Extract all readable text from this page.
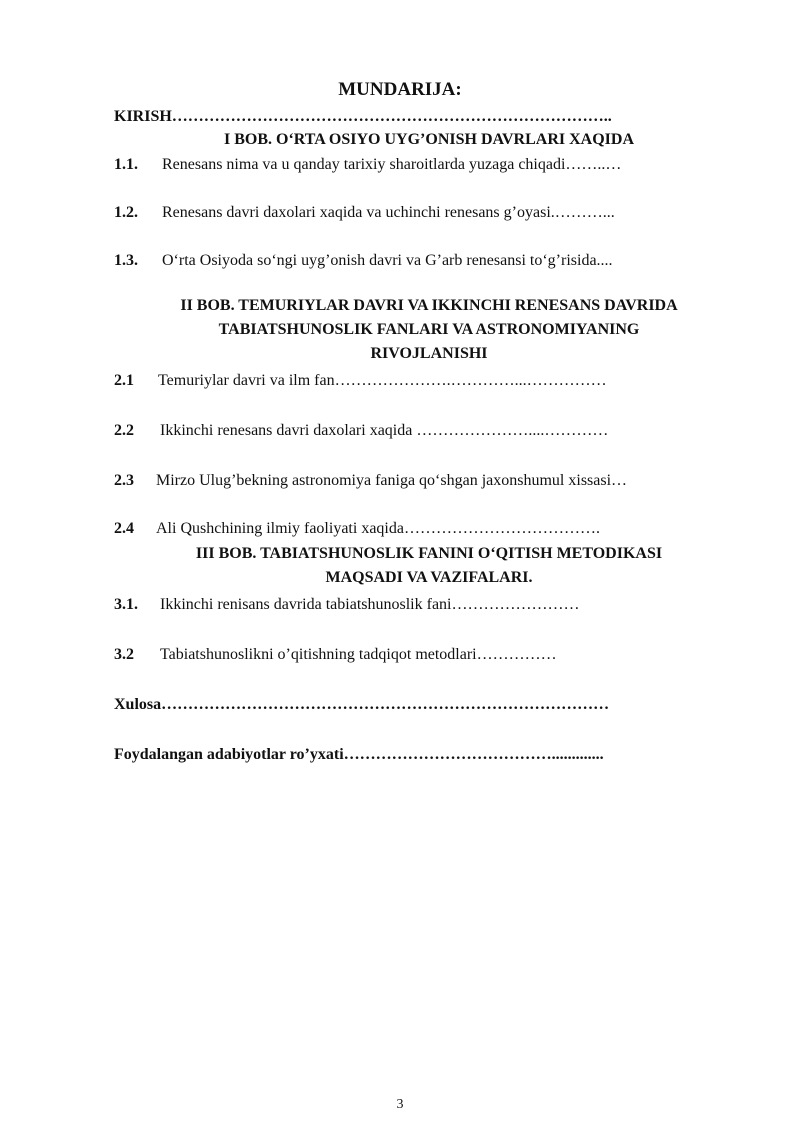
MUNDARIJA:
KIRISH………………………………………………………………………..
I BOB. O‘RTA OSIYO UYG’ONISH DAVRLARI XAQIDA
1.1. Renesans nima va u qanday tarixiy sharoitlarda yuzaga chiqadi……..…
1.2. Renesans davri daxolari xaqida va uchinchi renesans g’oyasi.………...
1.3. O‘rta Osiyoda so‘ngi uyg’onish davri va G’arb renesansi to‘g’risida....
II BOB. TEMURIYLAR DAVRI VA IKKINCHI RENESANS DAVRIDA
TABIATSHUNOSLIK FANLARI VA ASTRONOMIYANING
RIVOJLANISHI
2.1 Temuriylar davri va ilm fan………………….…………...……………
2.2 Ikkinchi renesans davri daxolari xaqida …………………....…………
2.3 Mirzo Ulug’bekning astronomiya faniga qo‘shgan jaxonshumul xissasi…
2.4 Ali Qushchining ilmiy faoliyati xaqida……………………………….
III BOB. TABIATSHUNOSLIK FANINI O‘QITISH METODIKASI
MAQSADI VA VAZIFALARI.
3.1. Ikkinchi renisans davrida tabiatshunoslik fani……………………
3.2 Tabiatshunoslikni o’qitishning tadqiqot metodlari……………
Xulosa…………………………………………………………………………
Foydalangan adabiyotlar ro’yxati………………………………….............
3
